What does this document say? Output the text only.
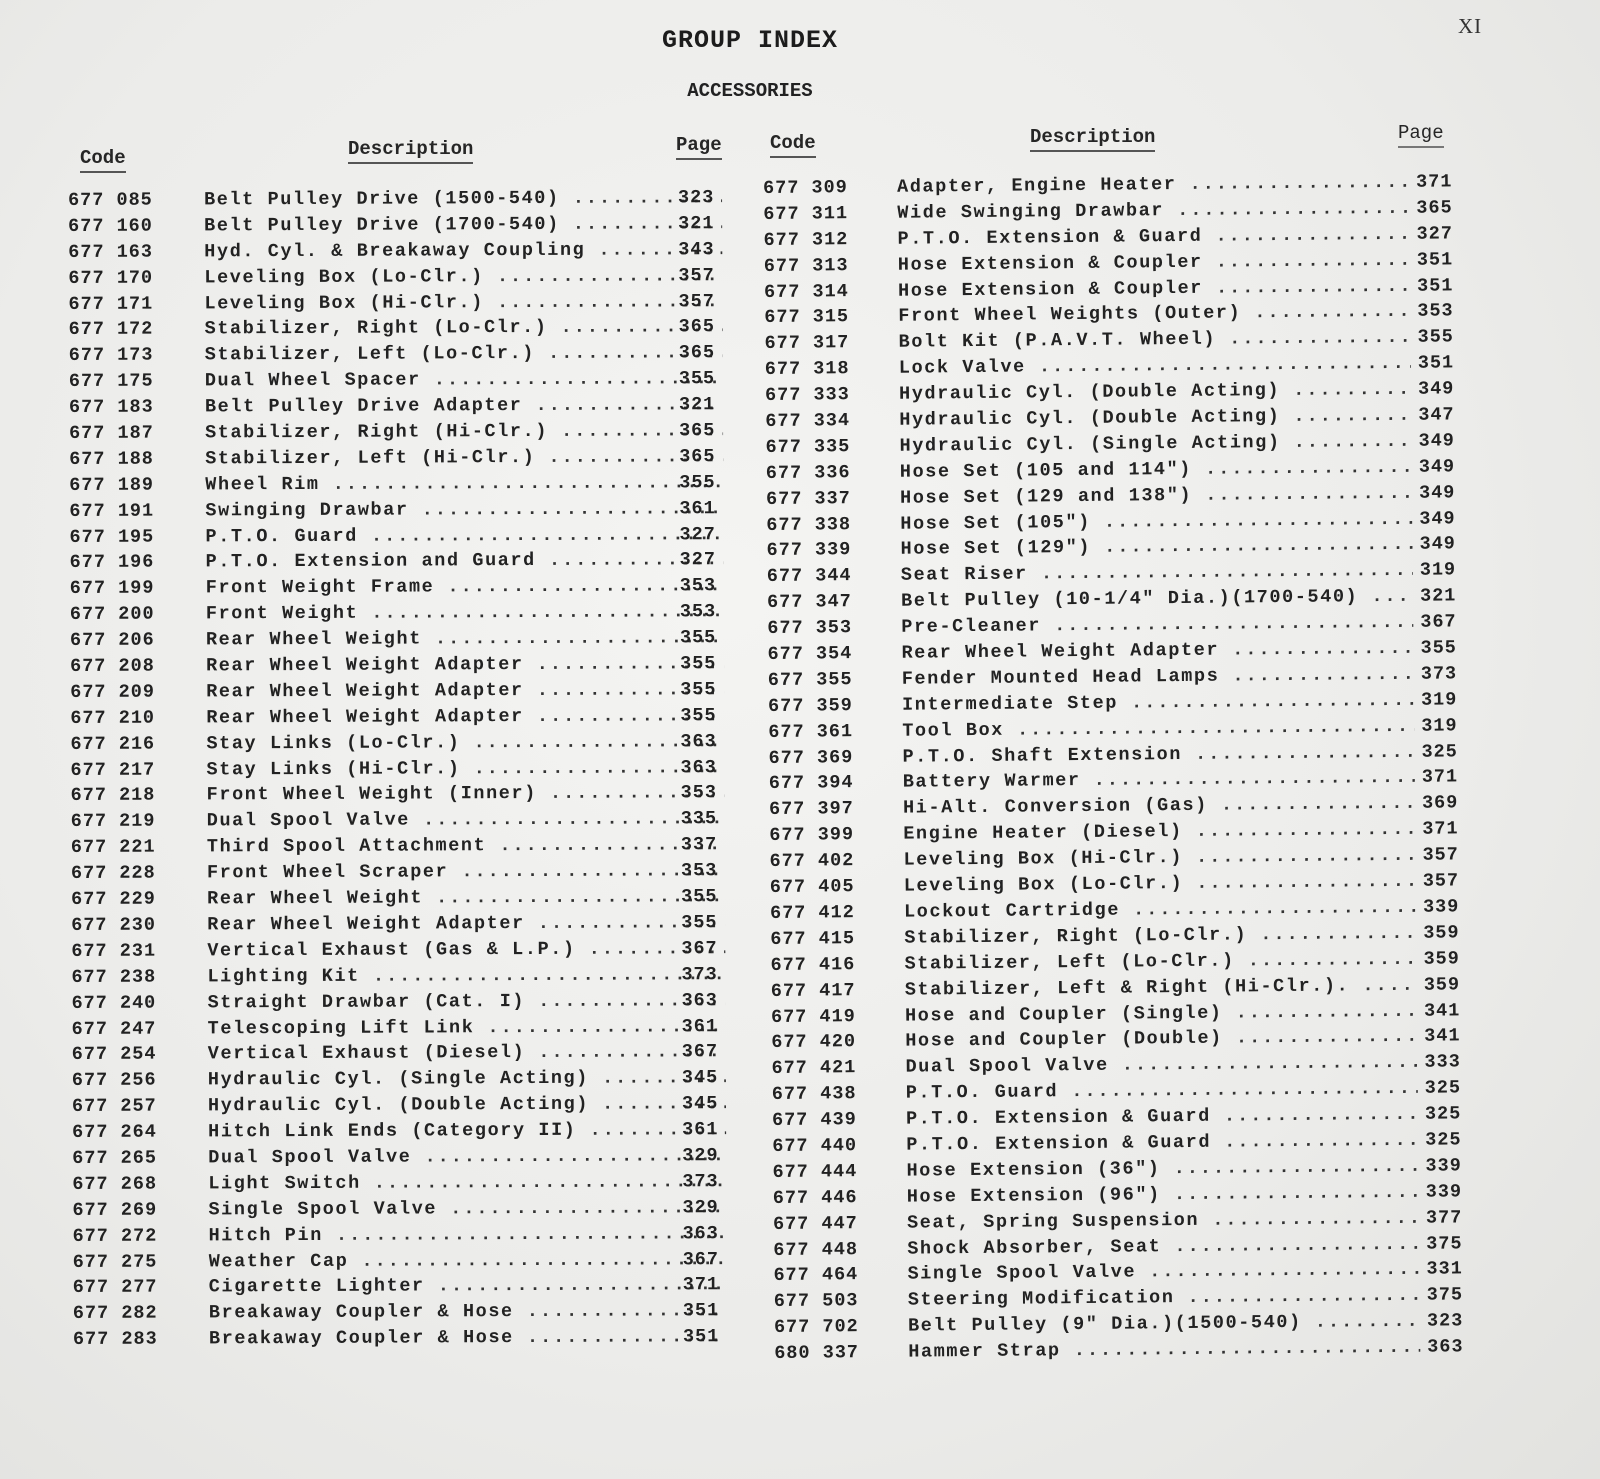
XI
GROUP INDEX
ACCESSORIES
Code	Description	Page	Code	Description	Page
677 085	Belt Pulley Drive (1500-540) .....	323
677 160	Belt Pulley Drive (1700-540) .....	321
677 163	Hyd. Cyl. & Breakaway Coupling .....	343
677 170	Leveling Box (Lo-Clr.) .....	357
677 171	Leveling Box (Hi-Clr.) .....	357
677 172	Stabilizer, Right (Lo-Clr.) .....	365
677 173	Stabilizer, Left (Lo-Clr.) .....	365
677 175	Dual Wheel Spacer .....	355
677 183	Belt Pulley Drive Adapter .....	321
677 187	Stabilizer, Right (Hi-Clr.) .....	365
677 188	Stabilizer, Left (Hi-Clr.) .....	365
677 189	Wheel Rim .....	355
677 191	Swinging Drawbar .....	361
677 195	P.T.O. Guard .....	327
677 196	P.T.O. Extension and Guard .....	327
677 199	Front Weight Frame .....	353
677 200	Front Weight .....	353
677 206	Rear Wheel Weight .....	355
677 208	Rear Wheel Weight Adapter .....	355
677 209	Rear Wheel Weight Adapter .....	355
677 210	Rear Wheel Weight Adapter .....	355
677 216	Stay Links (Lo-Clr.) .....	363
677 217	Stay Links (Hi-Clr.) .....	363
677 218	Front Wheel Weight (Inner) .....	353
677 219	Dual Spool Valve .....	335
677 221	Third Spool Attachment .....	337
677 228	Front Wheel Scraper .....	353
677 229	Rear Wheel Weight .....	355
677 230	Rear Wheel Weight Adapter .....	355
677 231	Vertical Exhaust (Gas & L.P.) .....	367
677 238	Lighting Kit .....	373
677 240	Straight Drawbar (Cat. I) .....	363
677 247	Telescoping Lift Link .....	361
677 254	Vertical Exhaust (Diesel) .....	367
677 256	Hydraulic Cyl. (Single Acting) .....	345
677 257	Hydraulic Cyl. (Double Acting) .....	345
677 264	Hitch Link Ends (Category II) .....	361
677 265	Dual Spool Valve .....	329
677 268	Light Switch .....	373
677 269	Single Spool Valve .....	329
677 272	Hitch Pin .....	363
677 275	Weather Cap .....	367
677 277	Cigarette Lighter .....	371
677 282	Breakaway Coupler & Hose .....	351
677 283	Breakaway Coupler & Hose .....	351
677 309	Adapter, Engine Heater .....	371
677 311	Wide Swinging Drawbar .....	365
677 312	P.T.O. Extension & Guard .....	327
677 313	Hose Extension & Coupler .....	351
677 314	Hose Extension & Coupler .....	351
677 315	Front Wheel Weights (Outer) .....	353
677 317	Bolt Kit (P.A.V.T. Wheel) .....	355
677 318	Lock Valve .....	351
677 333	Hydraulic Cyl. (Double Acting) .....	349
677 334	Hydraulic Cyl. (Double Acting) .....	347
677 335	Hydraulic Cyl. (Single Acting) .....	349
677 336	Hose Set (105 and 114") .....	349
677 337	Hose Set (129 and 138") .....	349
677 338	Hose Set (105") .....	349
677 339	Hose Set (129") .....	349
677 344	Seat Riser .....	319
677 347	Belt Pulley (10-1/4" Dia.)(1700-540) .....	321
677 353	Pre-Cleaner .....	367
677 354	Rear Wheel Weight Adapter .....	355
677 355	Fender Mounted Head Lamps .....	373
677 359	Intermediate Step .....	319
677 361	Tool Box .....	319
677 369	P.T.O. Shaft Extension .....	325
677 394	Battery Warmer .....	371
677 397	Hi-Alt. Conversion (Gas) .....	369
677 399	Engine Heater (Diesel) .....	371
677 402	Leveling Box (Hi-Clr.) .....	357
677 405	Leveling Box (Lo-Clr.) .....	357
677 412	Lockout Cartridge .....	339
677 415	Stabilizer, Right (Lo-Clr.) .....	359
677 416	Stabilizer, Left (Lo-Clr.) .....	359
677 417	Stabilizer, Left & Right (Hi-Clr.). .....	359
677 419	Hose and Coupler (Single) .....	341
677 420	Hose and Coupler (Double) .....	341
677 421	Dual Spool Valve .....	333
677 438	P.T.O. Guard .....	325
677 439	P.T.O. Extension & Guard .....	325
677 440	P.T.O. Extension & Guard .....	325
677 444	Hose Extension (36") .....	339
677 446	Hose Extension (96") .....	339
677 447	Seat, Spring Suspension .....	377
677 448	Shock Absorber, Seat .....	375
677 464	Single Spool Valve .....	331
677 503	Steering Modification .....	375
677 702	Belt Pulley (9" Dia.)(1500-540) .....	323
680 337	Hammer Strap .....	363
